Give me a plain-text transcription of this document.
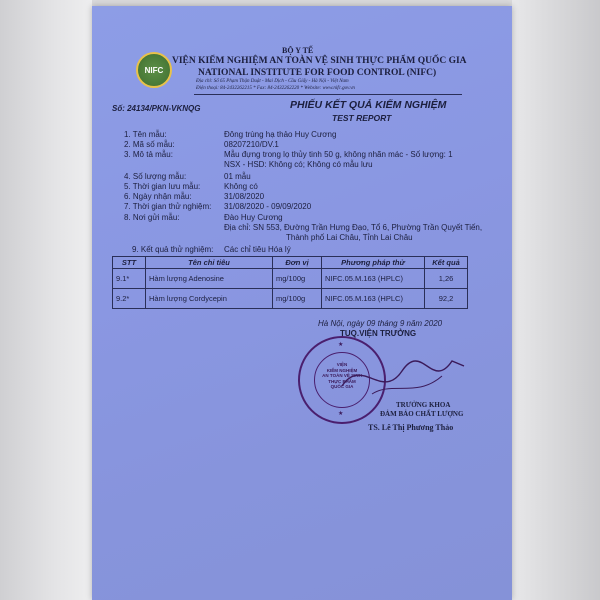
NIFC
BỘ Y TẾ
VIỆN KIỂM NGHIỆM AN TOÀN VỆ SINH THỰC PHẨM QUỐC GIA
NATIONAL INSTITUTE FOR FOOD CONTROL (NIFC)
Địa chỉ: Số 65 Phạm Thận Duật - Mai Dịch - Cầu Giấy - Hà Nội - Việt Nam
Điện thoại: 84-2432262215 * Fax: 84-2432262220 * Website: www.nifc.gov.vn
Số: 24134/PKN-VKNQG	PHIẾU KẾT QUẢ KIỂM NGHIỆM
TEST REPORT
1. Tên mẫu:	Đông trùng hạ thảo Huy Cương
2. Mã số mẫu:	08207210/DV.1
3. Mô tả mẫu:	Mẫu đựng trong lọ thủy tinh 50 g, không nhãn mác - Số lượng: 1
NSX - HSD: Không có; Không có mẫu lưu
4. Số lượng mẫu:	01 mẫu
5. Thời gian lưu mẫu:	Không có
6. Ngày nhận mẫu:	31/08/2020
7. Thời gian thử nghiệm: 31/08/2020 - 09/09/2020
8. Nơi gửi mẫu:	Đào Huy Cương
Địa chỉ: SN 553, Đường Trần Hưng Đạo, Tổ 6, Phường Trần Quyết Tiến,
Thành phố Lai Châu, Tỉnh Lai Châu
9. Kết quả thử nghiệm: Các chỉ tiêu Hóa lý
STT	Tên chỉ tiêu	Đơn vị	Phương pháp thử	Kết quả
9.1*	Hàm lượng Adenosine	mg/100g	NIFC.05.M.163 (HPLC)	1,26
9.2*	Hàm lượng Cordycepin	mg/100g	NIFC.05.M.163 (HPLC)	92,2
Hà Nội, ngày 09 tháng 9 năm 2020
TUQ.VIỆN TRƯỞNG
★
★
VIỆN
KIỂM NGHIỆM
AN TOÀN VỆ SINH
THỰC PHẨM
QUỐC GIA
TRƯỞNG KHOA
ĐẢM BẢO CHẤT LƯỢNG
TS. Lê Thị Phương Thảo
